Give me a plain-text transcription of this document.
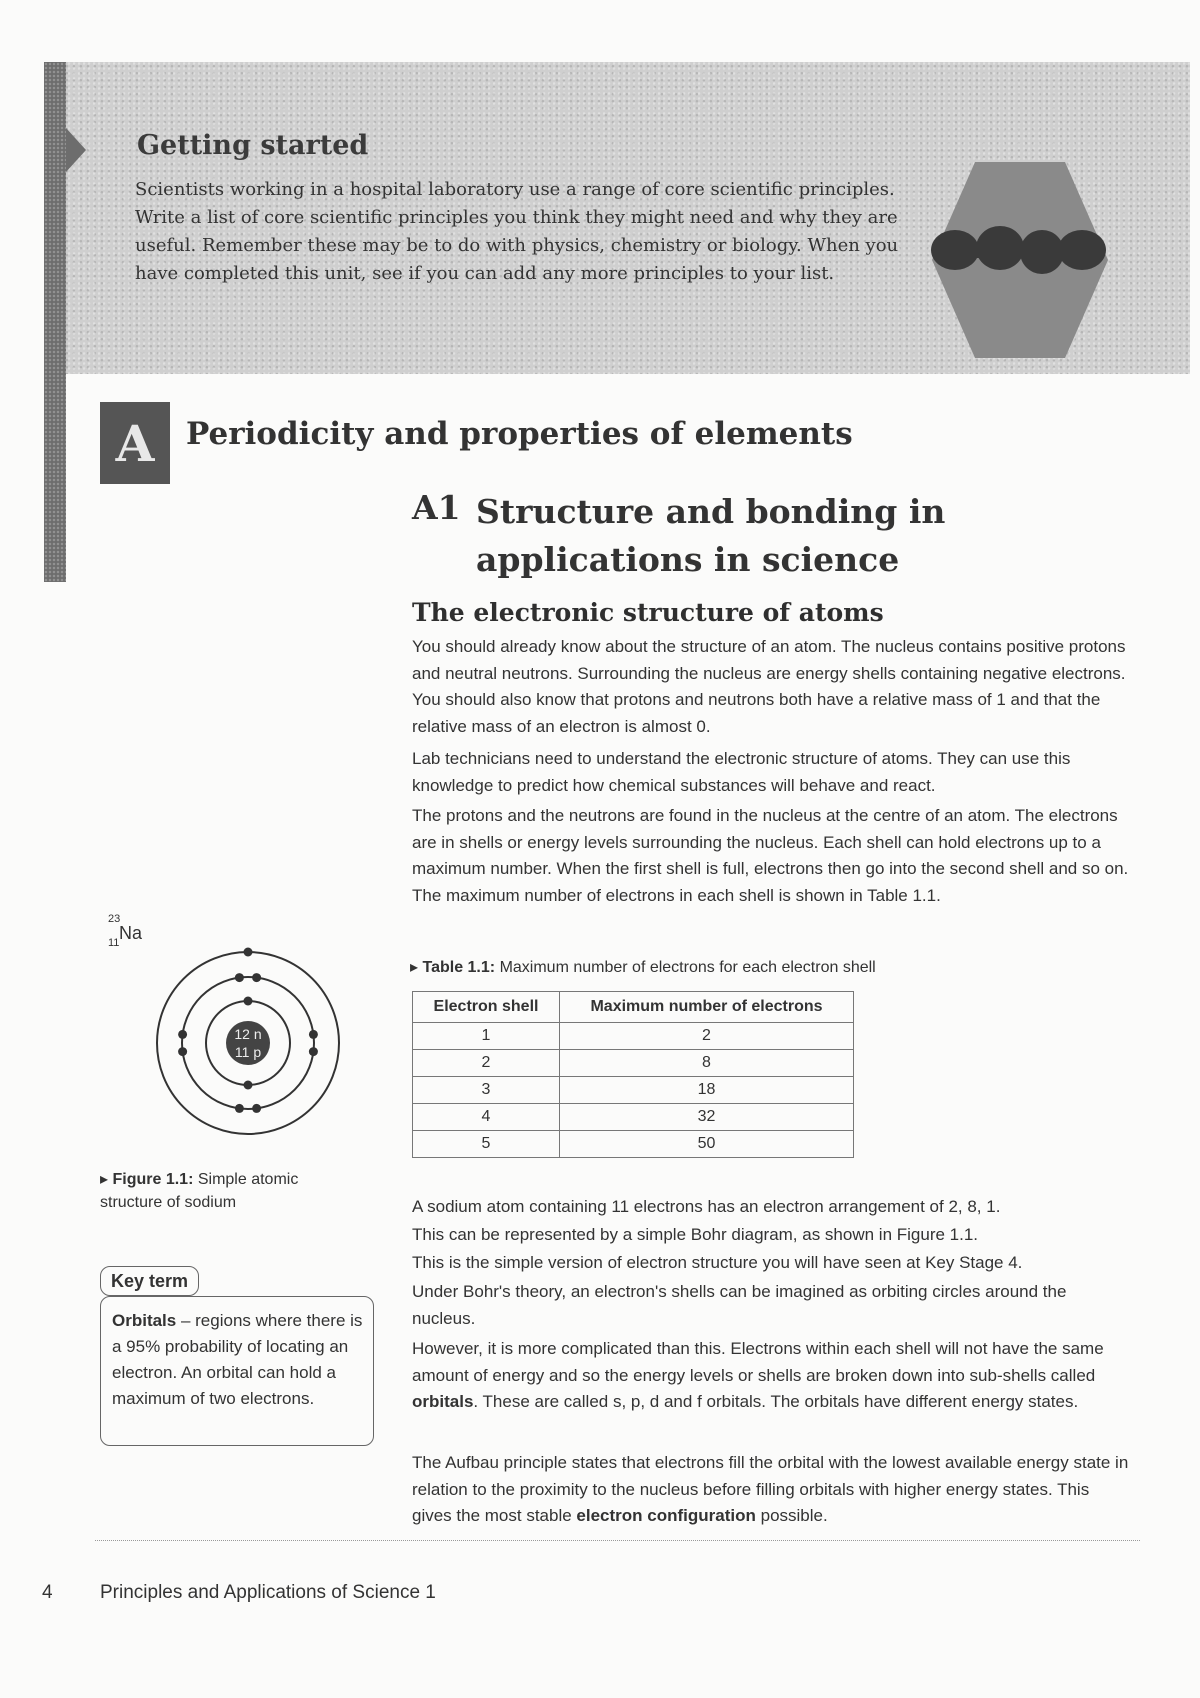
Getting started

Scientists working in a hospital laboratory use a range of core scientific principles. Write a list of core scientific principles you think they might need and why they are useful. Remember these may be to do with physics, chemistry or biology. When you have completed this unit, see if you can add any more principles to your list.

A	Periodicity and properties of elements
A1 Structure and bonding in applications in science
The electronic structure of atoms

You should already know about the structure of an atom. The nucleus contains positive protons and neutral neutrons. Surrounding the nucleus are energy shells containing negative electrons. You should also know that protons and neutrons both have a relative mass of 1 and that the relative mass of an electron is almost 0.

Lab technicians need to understand the electronic structure of atoms. They can use this knowledge to predict how chemical substances will behave and react.

The protons and the neutrons are found in the nucleus at the centre of an atom. The electrons are in shells or energy levels surrounding the nucleus. Each shell can hold electrons up to a maximum number. When the first shell is full, electrons then go into the second shell and so on. The maximum number of electrons in each shell is shown in Table 1.1.

▸ Table 1.1: Maximum number of electrons for each electron shell

Electron shell	Maximum number of electrons
1	2
2	8
3	18
4	32
5	50

A sodium atom containing 11 electrons has an electron arrangement of 2, 8, 1.

This can be represented by a simple Bohr diagram, as shown in Figure 1.1.

This is the simple version of electron structure you will have seen at Key Stage 4.

Under Bohr's theory, an electron's shells can be imagined as orbiting circles around the nucleus.

However, it is more complicated than this. Electrons within each shell will not have the same amount of energy and so the energy levels or shells are broken down into sub-shells called orbitals. These are called s, p, d and f orbitals. The orbitals have different energy states.

The Aufbau principle states that electrons fill the orbital with the lowest available energy state in relation to the proximity to the nucleus before filling orbitals with higher energy states. This gives the most stable electron configuration possible.

23
11 Na
12 n
11 p

▸ Figure 1.1: Simple atomic structure of sodium

Key term

Orbitals – regions where there is a 95% probability of locating an electron. An orbital can hold a maximum of two electrons.

4 Principles and Applications of Science 1
